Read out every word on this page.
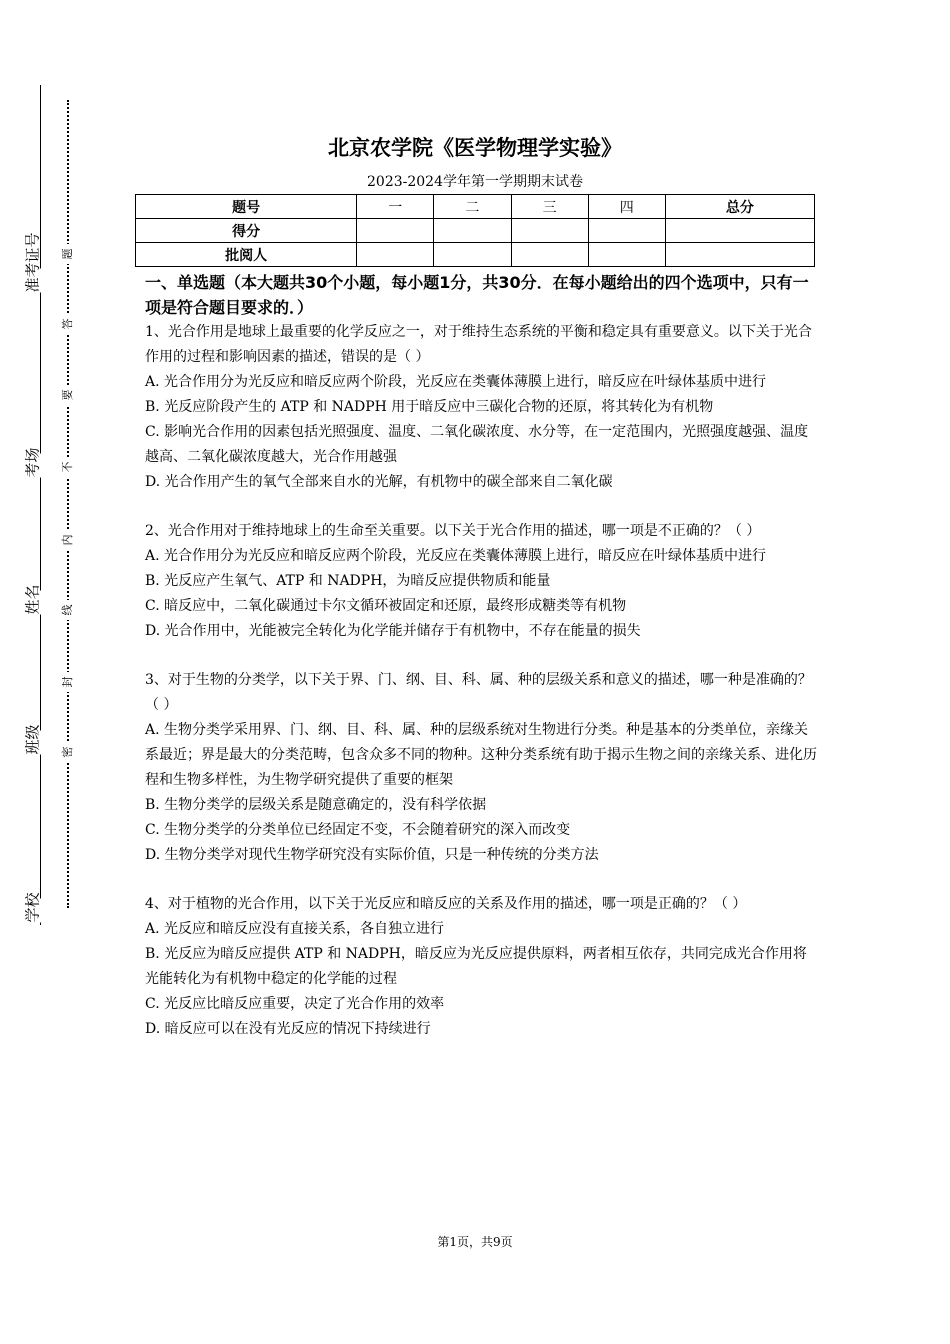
准考证号
考场
姓名
班级
学校
题
答
要
不
内
线
封
密
北京农学院《医学物理学实验》
2023-2024学年第一学期期末试卷
题号	一	二	三	四	总分
得分					
批阅人					

一、单选题（本大题共30个小题，每小题1分，共30分．在每小题给出的四个选项中，只有一项是符合题目要求的．）

1、光合作用是地球上最重要的化学反应之一，对于维持生态系统的平衡和稳定具有重要意义。以下关于光合作用的过程和影响因素的描述，错误的是（ ）

A. 光合作用分为光反应和暗反应两个阶段，光反应在类囊体薄膜上进行，暗反应在叶绿体基质中进行

B. 光反应阶段产生的 ATP 和 NADPH 用于暗反应中三碳化合物的还原，将其转化为有机物

C. 影响光合作用的因素包括光照强度、温度、二氧化碳浓度、水分等，在一定范围内，光照强度越强、温度越高、二氧化碳浓度越大，光合作用越强

D. 光合作用产生的氧气全部来自水的光解，有机物中的碳全部来自二氧化碳

2、光合作用对于维持地球上的生命至关重要。以下关于光合作用的描述，哪一项是不正确的？（ ）

A. 光合作用分为光反应和暗反应两个阶段，光反应在类囊体薄膜上进行，暗反应在叶绿体基质中进行

B. 光反应产生氧气、ATP 和 NADPH，为暗反应提供物质和能量

C. 暗反应中，二氧化碳通过卡尔文循环被固定和还原，最终形成糖类等有机物

D. 光合作用中，光能被完全转化为化学能并储存于有机物中，不存在能量的损失

3、对于生物的分类学，以下关于界、门、纲、目、科、属、种的层级关系和意义的描述，哪一种是准确的？（ ）

A. 生物分类学采用界、门、纲、目、科、属、种的层级系统对生物进行分类。种是基本的分类单位，亲缘关系最近；界是最大的分类范畴，包含众多不同的物种。这种分类系统有助于揭示生物之间的亲缘关系、进化历程和生物多样性，为生物学研究提供了重要的框架

B. 生物分类学的层级关系是随意确定的，没有科学依据

C. 生物分类学的分类单位已经固定不变，不会随着研究的深入而改变

D. 生物分类学对现代生物学研究没有实际价值，只是一种传统的分类方法

4、对于植物的光合作用，以下关于光反应和暗反应的关系及作用的描述，哪一项是正确的？（ ）

A. 光反应和暗反应没有直接关系，各自独立进行

B. 光反应为暗反应提供 ATP 和 NADPH，暗反应为光反应提供原料，两者相互依存，共同完成光合作用将光能转化为有机物中稳定的化学能的过程

C. 光反应比暗反应重要，决定了光合作用的效率

D. 暗反应可以在没有光反应的情况下持续进行

第1页，共9页
